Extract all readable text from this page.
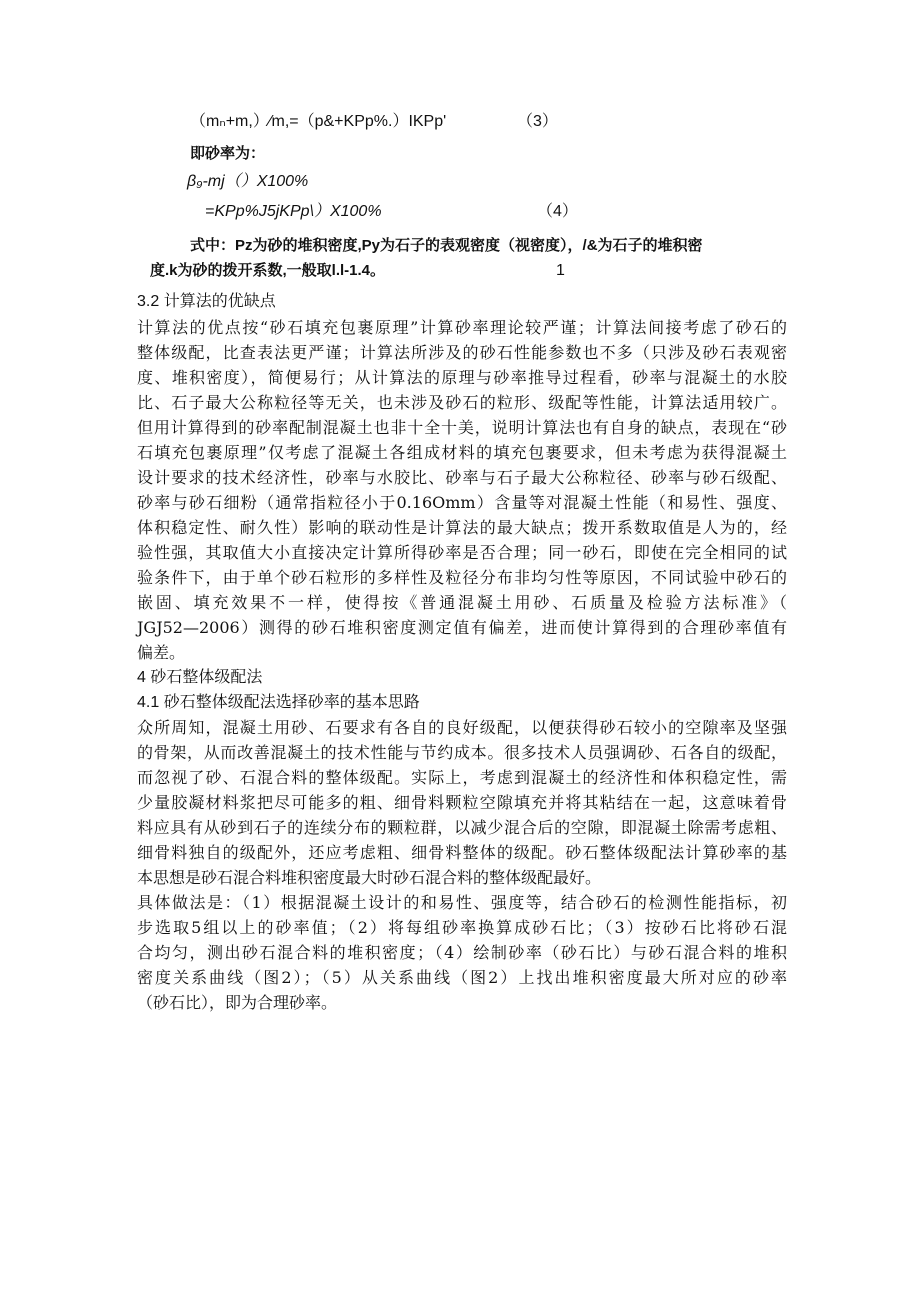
（mₙ+m,）∕m,=（p&+KPp%.）IKPp'	（3）
即砂率为：
β₉-mj（）X100%
=KPp%J5jKPp\）X100%	（4）
式中：Pz为砂的堆积密度,Py为石子的表观密度（视密度），/&为石子的堆积密
度.k为砂的拨开系数,一般取l.l-1.4。	1
3.2 计算法的优缺点
计算法的优点按“砂石填充包裹原理”计算砂率理论较严谨；计算法间接考虑了砂石的
整体级配，比查表法更严谨；计算法所涉及的砂石性能参数也不多（只涉及砂石表观密
度、堆积密度），简便易行；从计算法的原理与砂率推导过程看，砂率与混凝土的水胶
比、石子最大公称粒径等无关，也未涉及砂石的粒形、级配等性能，计算法适用较广。
但用计算得到的砂率配制混凝土也非十全十美，说明计算法也有自身的缺点，表现在“砂
石填充包裹原理”仅考虑了混凝土各组成材料的填充包裹要求，但未考虑为获得混凝土
设计要求的技术经济性，砂率与水胶比、砂率与石子最大公称粒径、砂率与砂石级配、
砂率与砂石细粉（通常指粒径小于0.16Omm）含量等对混凝土性能（和易性、强度、
体积稳定性、耐久性）影响的联动性是计算法的最大缺点；拨开系数取值是人为的，经
验性强，其取值大小直接决定计算所得砂率是否合理；同一砂石，即使在完全相同的试
验条件下，由于单个砂石粒形的多样性及粒径分布非均匀性等原因，不同试验中砂石的
嵌固、填充效果不一样，使得按《普通混凝土用砂、石质量及检验方法标准》（
JGJ52—2006）测得的砂石堆积密度测定值有偏差，进而使计算得到的合理砂率值有
偏差。
4 砂石整体级配法
4.1 砂石整体级配法选择砂率的基本思路
众所周知，混凝土用砂、石要求有各自的良好级配，以便获得砂石较小的空隙率及坚强
的骨架，从而改善混凝土的技术性能与节约成本。很多技术人员强调砂、石各自的级配，
而忽视了砂、石混合料的整体级配。实际上，考虑到混凝土的经济性和体积稳定性，需
少量胶凝材料浆把尽可能多的粗、细骨料颗粒空隙填充并将其粘结在一起，这意味着骨
料应具有从砂到石子的连续分布的颗粒群，以减少混合后的空隙，即混凝土除需考虑粗、
细骨料独自的级配外，还应考虑粗、细骨料整体的级配。砂石整体级配法计算砂率的基
本思想是砂石混合料堆积密度最大时砂石混合料的整体级配最好。
具体做法是：（1）根据混凝土设计的和易性、强度等，结合砂石的检测性能指标，初
步选取5组以上的砂率值；（2）将每组砂率换算成砂石比；（3）按砂石比将砂石混
合均匀，测出砂石混合料的堆积密度；（4）绘制砂率（砂石比）与砂石混合料的堆积
密度关系曲线（图2）；（5）从关系曲线（图2）上找出堆积密度最大所对应的砂率
（砂石比），即为合理砂率。
